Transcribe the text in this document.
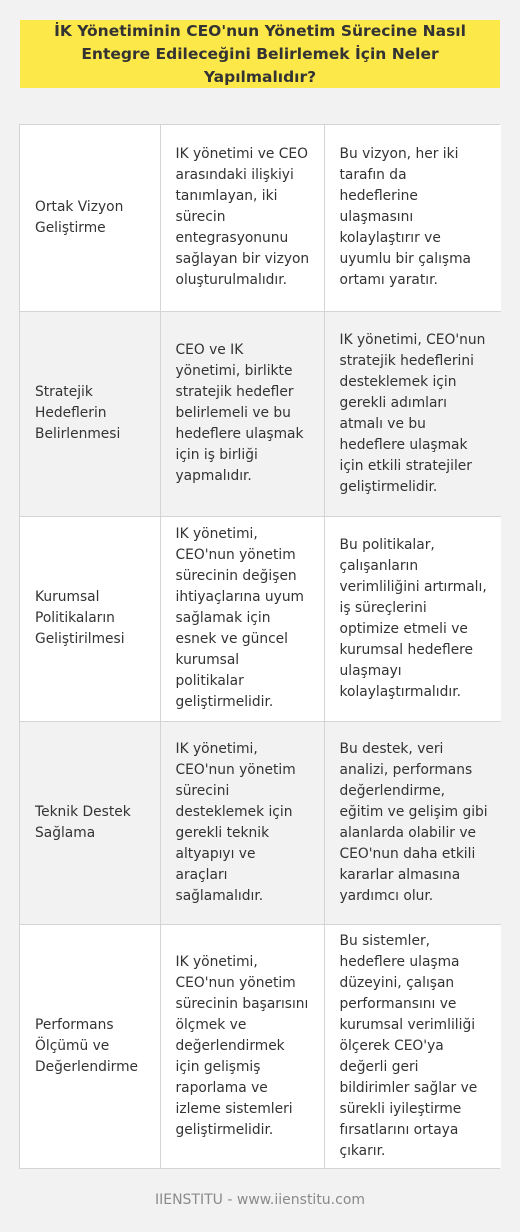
İK Yönetiminin CEO'nun Yönetim Sürecine Nasıl Entegre Edileceğini Belirlemek İçin Neler Yapılmalıdır?
Ortak Vizyon Geliştirme	IK yönetimi ve CEO arasındaki ilişkiyi tanımlayan, iki sürecin entegrasyonunu sağlayan bir vizyon oluşturulmalıdır.	Bu vizyon, her iki tarafın da hedeflerine ulaşmasını kolaylaştırır ve uyumlu bir çalışma ortamı yaratır.
Stratejik Hedeflerin Belirlenmesi	CEO ve IK yönetimi, birlikte stratejik hedefler belirlemeli ve bu hedeflere ulaşmak için iş birliği yapmalıdır.	IK yönetimi, CEO'nun stratejik hedeflerini desteklemek için gerekli adımları atmalı ve bu hedeflere ulaşmak için etkili stratejiler geliştirmelidir.
Kurumsal Politikaların Geliştirilmesi	IK yönetimi, CEO'nun yönetim sürecinin değişen ihtiyaçlarına uyum sağlamak için esnek ve güncel kurumsal politikalar geliştirmelidir.	Bu politikalar, çalışanların verimliliğini artırmalı, iş süreçlerini optimize etmeli ve kurumsal hedeflere ulaşmayı kolaylaştırmalıdır.
Teknik Destek Sağlama	IK yönetimi, CEO'nun yönetim sürecini desteklemek için gerekli teknik altyapıyı ve araçları sağlamalıdır.	Bu destek, veri analizi, performans değerlendirme, eğitim ve gelişim gibi alanlarda olabilir ve CEO'nun daha etkili kararlar almasına yardımcı olur.
Performans Ölçümü ve Değerlendirme	IK yönetimi, CEO'nun yönetim sürecinin başarısını ölçmek ve değerlendirmek için gelişmiş raporlama ve izleme sistemleri geliştirmelidir.	Bu sistemler, hedeflere ulaşma düzeyini, çalışan performansını ve kurumsal verimliliği ölçerek CEO'ya değerli geri bildirimler sağlar ve sürekli iyileştirme fırsatlarını ortaya çıkarır.
IIENSTITU - www.iienstitu.com
